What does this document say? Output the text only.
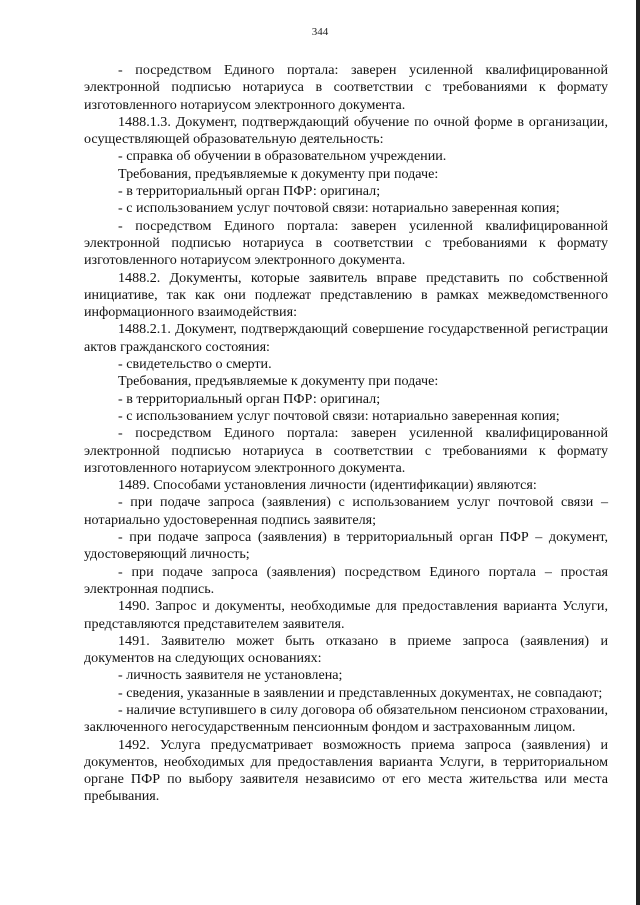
344

- посредством Единого портала: заверен усиленной квалифицированной электронной подписью нотариуса в соответствии с требованиями к формату изготовленного нотариусом электронного документа.

1488.1.3. Документ, подтверждающий обучение по очной форме в организации, осуществляющей образовательную деятельность:

- справка об обучении в образовательном учреждении.

Требования, предъявляемые к документу при подаче:

- в территориальный орган ПФР: оригинал;

- с использованием услуг почтовой связи: нотариально заверенная копия;

- посредством Единого портала: заверен усиленной квалифицированной электронной подписью нотариуса в соответствии с требованиями к формату изготовленного нотариусом электронного документа.

1488.2. Документы, которые заявитель вправе представить по собственной инициативе, так как они подлежат представлению в рамках межведомственного информационного взаимодействия:

1488.2.1. Документ, подтверждающий совершение государственной регистрации актов гражданского состояния:

- свидетельство о смерти.

Требования, предъявляемые к документу при подаче:

- в территориальный орган ПФР: оригинал;

- с использованием услуг почтовой связи: нотариально заверенная копия;

- посредством Единого портала: заверен усиленной квалифицированной электронной подписью нотариуса в соответствии с требованиями к формату изготовленного нотариусом электронного документа.

1489. Способами установления личности (идентификации) являются:

- при подаче запроса (заявления) с использованием услуг почтовой связи – нотариально удостоверенная подпись заявителя;

- при подаче запроса (заявления) в территориальный орган ПФР – документ, удостоверяющий личность;

- при подаче запроса (заявления) посредством Единого портала – простая электронная подпись.

1490. Запрос и документы, необходимые для предоставления варианта Услуги, представляются представителем заявителя.

1491. Заявителю может быть отказано в приеме запроса (заявления) и документов на следующих основаниях:

- личность заявителя не установлена;

- сведения, указанные в заявлении и представленных документах, не совпадают;

- наличие вступившего в силу договора об обязательном пенсионом страховании, заключенного негосударственным пенсионным фондом и застрахованным лицом.

1492. Услуга предусматривает возможность приема запроса (заявления) и документов, необходимых для предоставления варианта Услуги, в территориальном органе ПФР по выбору заявителя независимо от его места жительства или места пребывания.
